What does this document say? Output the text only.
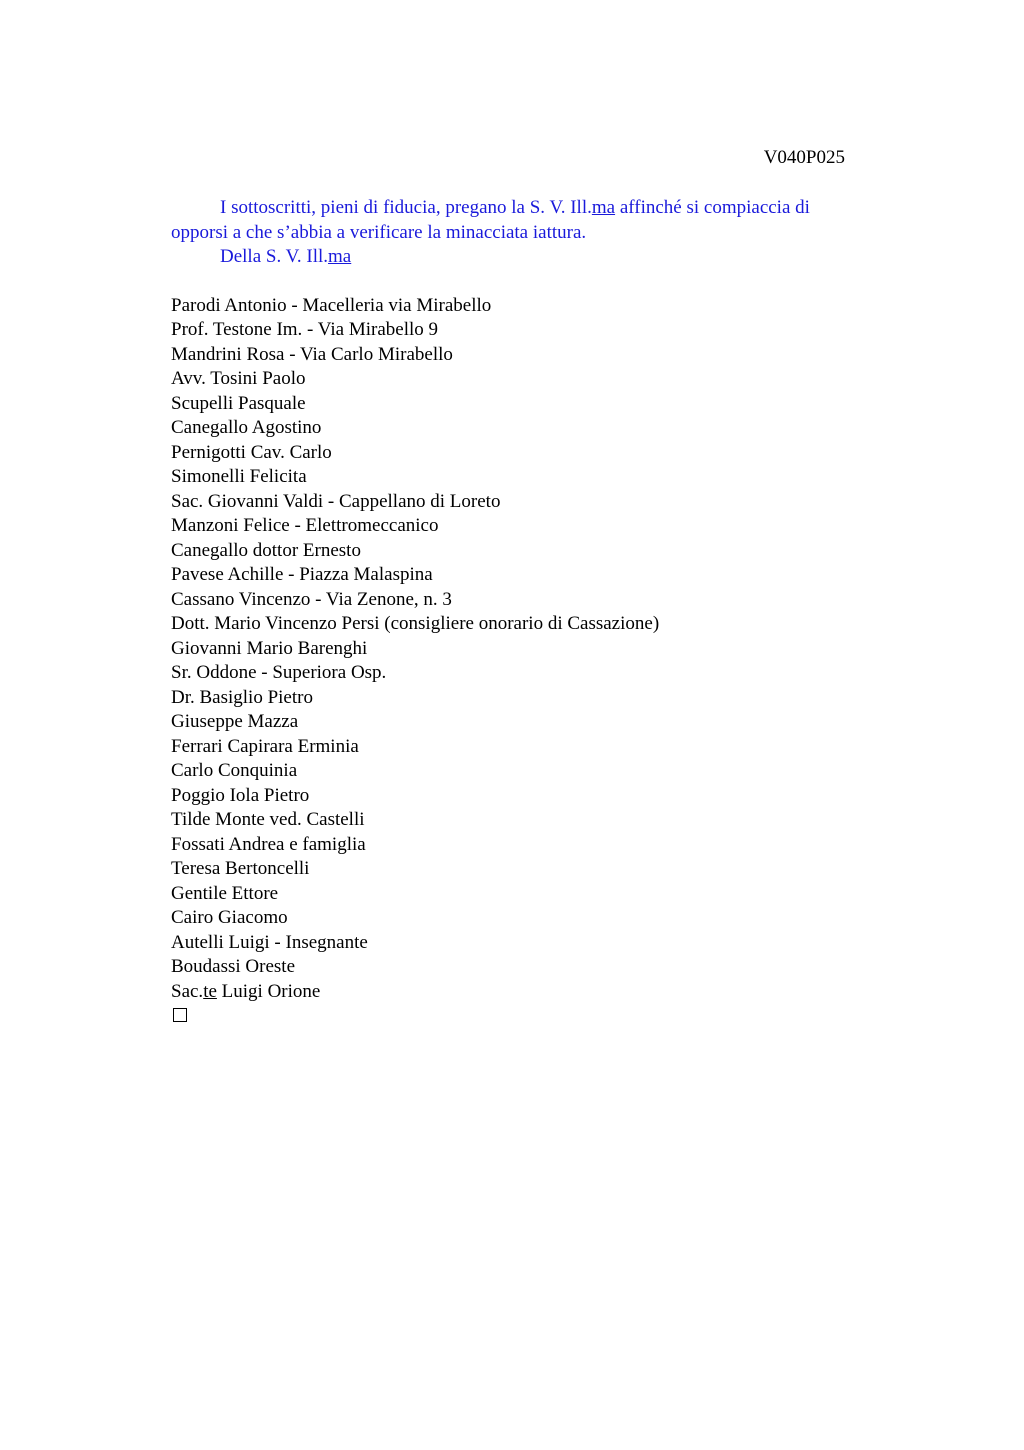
V040P025

I sottoscritti, pieni di fiducia, pregano la S. V. Ill.ma affinché si compiaccia di opporsi a che s’abbia a verificare la minacciata iattura.

Della S. V. Ill.ma

Parodi Antonio - Macelleria via Mirabello
Prof. Testone Im. - Via Mirabello 9
Mandrini Rosa - Via Carlo Mirabello
Avv. Tosini Paolo
Scupelli Pasquale
Canegallo Agostino
Pernigotti Cav. Carlo
Simonelli Felicita
Sac. Giovanni Valdi - Cappellano di Loreto
Manzoni Felice - Elettromeccanico
Canegallo dottor Ernesto
Pavese Achille - Piazza Malaspina
Cassano Vincenzo - Via Zenone, n. 3
Dott. Mario Vincenzo Persi (consigliere onorario di Cassazione)
Giovanni Mario Barenghi
Sr. Oddone - Superiora Osp.
Dr. Basiglio Pietro
Giuseppe Mazza
Ferrari Capirara Erminia
Carlo Conquinia
Poggio Iola Pietro
Tilde Monte ved. Castelli
Fossati Andrea e famiglia
Teresa Bertoncelli
Gentile Ettore
Cairo Giacomo
Autelli Luigi - Insegnante
Boudassi Oreste
Sac.te Luigi Orione
